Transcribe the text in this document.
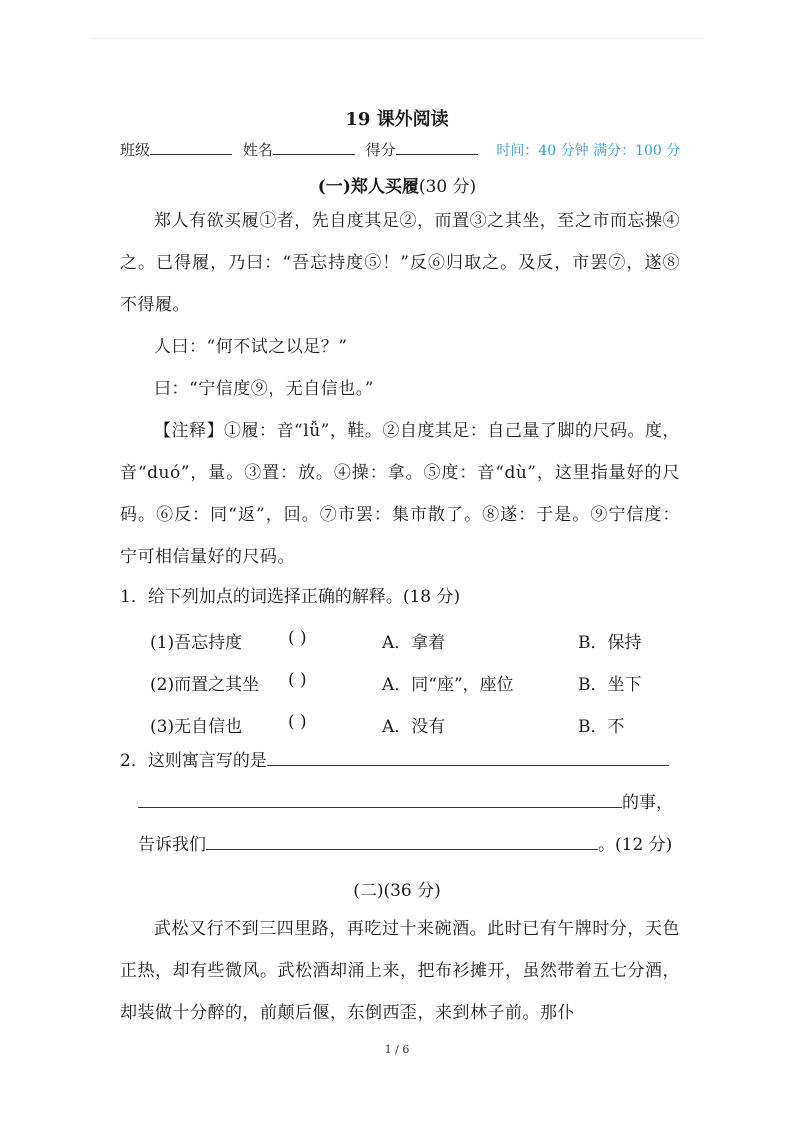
19 课外阅读
班级	姓名	得分	时间：40 分钟 满分：100 分
(一)郑人买履(30 分)
郑人有欲买履①者，先自度其足②，而置③之其坐，至之市而忘操④之。已得履，乃曰：“吾忘持度⑤！”反⑥归取之。及反，市罢⑦，遂⑧不得履。
人曰：“何不试之以足？”
曰：“宁信度⑨，无自信也。”
【注释】①履：音“lǚ”，鞋。②自度其足：自己量了脚的尺码。度，音“duó”，量。③置：放。④操：拿。⑤度：音“dù”，这里指量好的尺码。⑥反：同“返”，回。⑦市罢：集市散了。⑧遂：于是。⑨宁信度：宁可相信量好的尺码。
1．给下列加点的词选择正确的解释。(18 分)
(1)吾忘持度	( )	A．拿着	B．保持
(2)而置之其坐 ( )	A．同“座”，座位	B．坐下
(3)无自信也	( )	A．没有	B．不
2．这则寓言写的是
的事，
告诉我们	。(12 分)
(二)(36 分)
武松又行不到三四里路，再吃过十来碗酒。此时已有午牌时分，天色正热，却有些微风。武松酒却涌上来，把布衫摊开，虽然带着五七分酒，却装做十分醉的，前颠后偃，东倒西歪，来到林子前。那仆
1 / 6
